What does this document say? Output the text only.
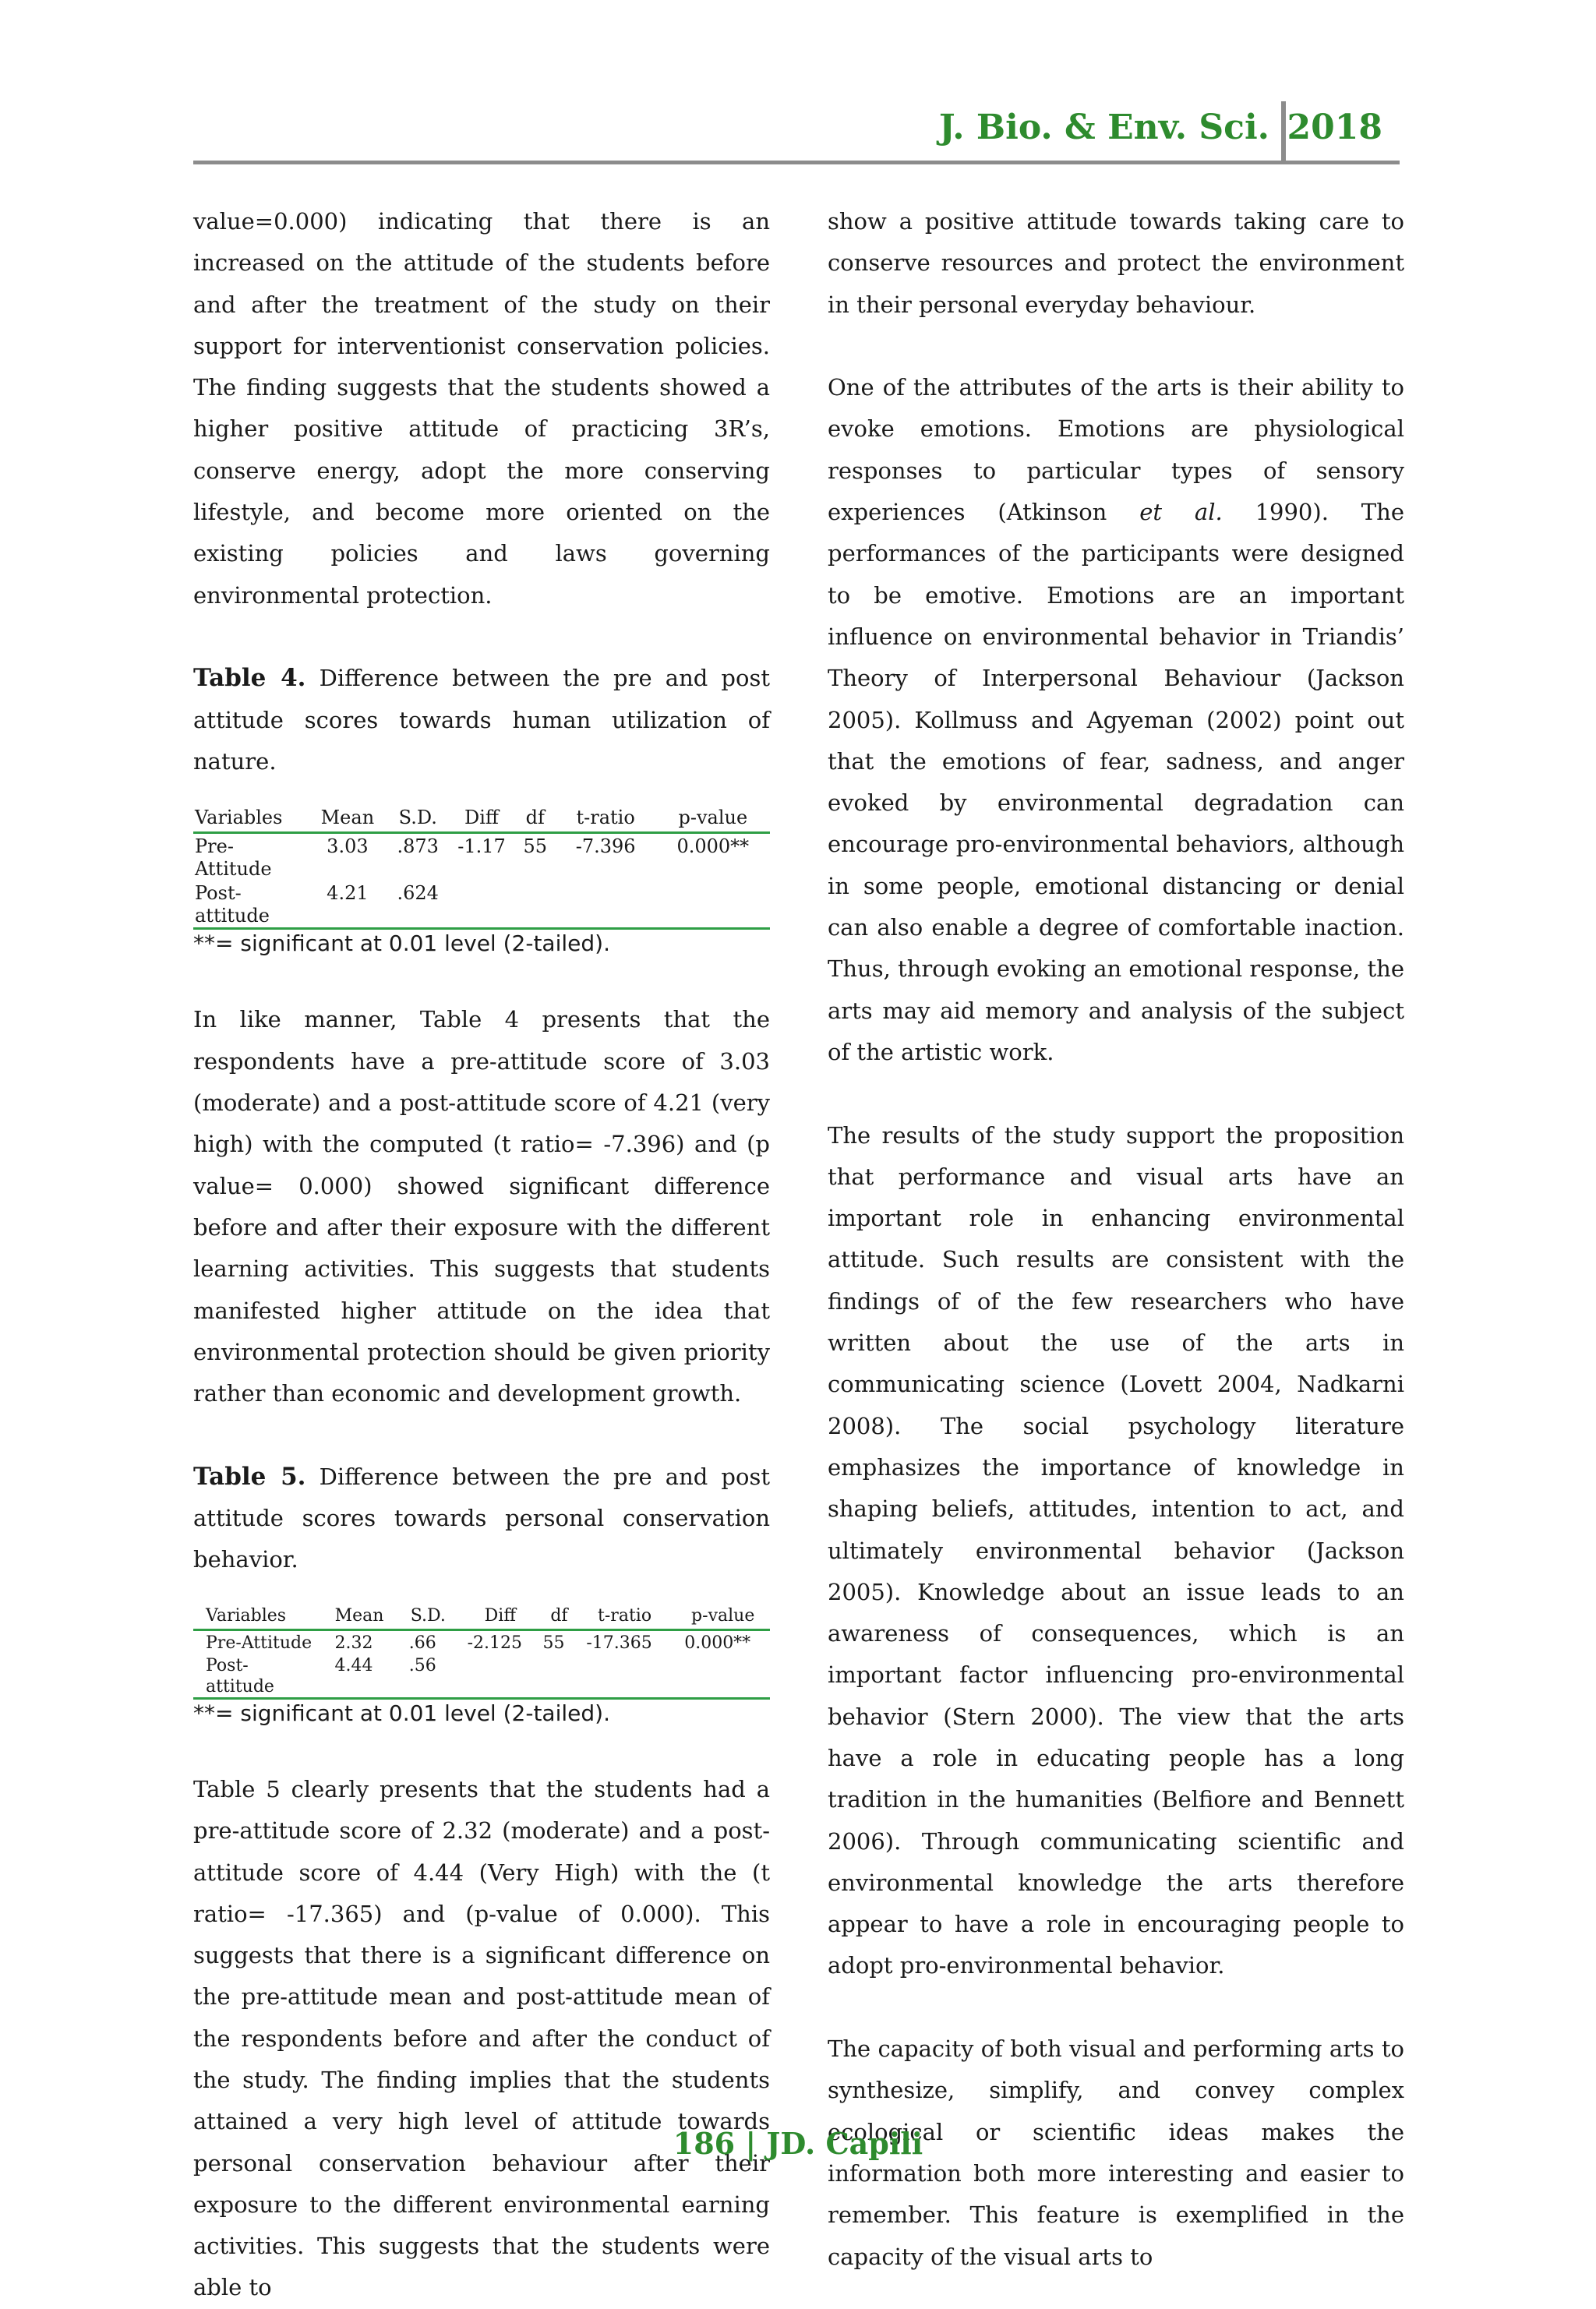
J. Bio. & Env. Sci. 2018

value=0.000) indicating that there is an increased on the attitude of the students before and after the treatment of the study on their support for interventionist conservation policies. The finding suggests that the students showed a higher positive attitude of practicing 3R’s, conserve energy, adopt the more conserving lifestyle, and become more oriented on the existing policies and laws governing environmental protection.

Table 4. Difference between the pre and post attitude scores towards human utilization of nature.

Variables	Mean	S.D.	Diff	df	t-ratio	p-value
Pre-Attitude	3.03	.873	-1.17	55	-7.396	0.000**
Post-attitude	4.21	.624				

**= significant at 0.01 level (2-tailed).

In like manner, Table 4 presents that the respondents have a pre-attitude score of 3.03 (moderate) and a post-attitude score of 4.21 (very high) with the computed (t ratio= -7.396) and (p value= 0.000) showed significant difference before and after their exposure with the different learning activities. This suggests that students manifested higher attitude on the idea that environmental protection should be given priority rather than economic and development growth.

Table 5. Difference between the pre and post attitude scores towards personal conservation behavior.

Variables	Mean	S.D.	Diff	df	t-ratio	p-value
Pre-Attitude	2.32	.66	-2.125	55	-17.365	0.000**
Post-attitude	4.44	.56				

**= significant at 0.01 level (2-tailed).

Table 5 clearly presents that the students had a pre-attitude score of 2.32 (moderate) and a post-attitude score of 4.44 (Very High) with the (t ratio= -17.365) and (p-value of 0.000). This suggests that there is a significant difference on the pre-attitude mean and post-attitude mean of the respondents before and after the conduct of the study. The finding implies that the students attained a very high level of attitude towards personal conservation behaviour after their exposure to the different environmental earning activities. This suggests that the students were able to

show a positive attitude towards taking care to conserve resources and protect the environment in their personal everyday behaviour.

One of the attributes of the arts is their ability to evoke emotions. Emotions are physiological responses to particular types of sensory experiences (Atkinson et al. 1990). The performances of the participants were designed to be emotive. Emotions are an important influence on environmental behavior in Triandis’ Theory of Interpersonal Behaviour (Jackson 2005). Kollmuss and Agyeman (2002) point out that the emotions of fear, sadness, and anger evoked by environmental degradation can encourage pro-environmental behaviors, although in some people, emotional distancing or denial can also enable a degree of comfortable inaction. Thus, through evoking an emotional response, the arts may aid memory and analysis of the subject of the artistic work.

The results of the study support the proposition that performance and visual arts have an important role in enhancing environmental attitude. Such results are consistent with the findings of of the few researchers who have written about the use of the arts in communicating science (Lovett 2004, Nadkarni 2008). The social psychology literature emphasizes the importance of knowledge in shaping beliefs, attitudes, intention to act, and ultimately environmental behavior (Jackson 2005). Knowledge about an issue leads to an awareness of consequences, which is an important factor influencing pro-environmental behavior (Stern 2000). The view that the arts have a role in educating people has a long tradition in the humanities (Belfiore and Bennett 2006). Through communicating scientific and environmental knowledge the arts therefore appear to have a role in encouraging people to adopt pro-environmental behavior.

The capacity of both visual and performing arts to synthesize, simplify, and convey complex ecological or scientific ideas makes the information both more interesting and easier to remember. This feature is exemplified in the capacity of the visual arts to

186 | JD. Capili
